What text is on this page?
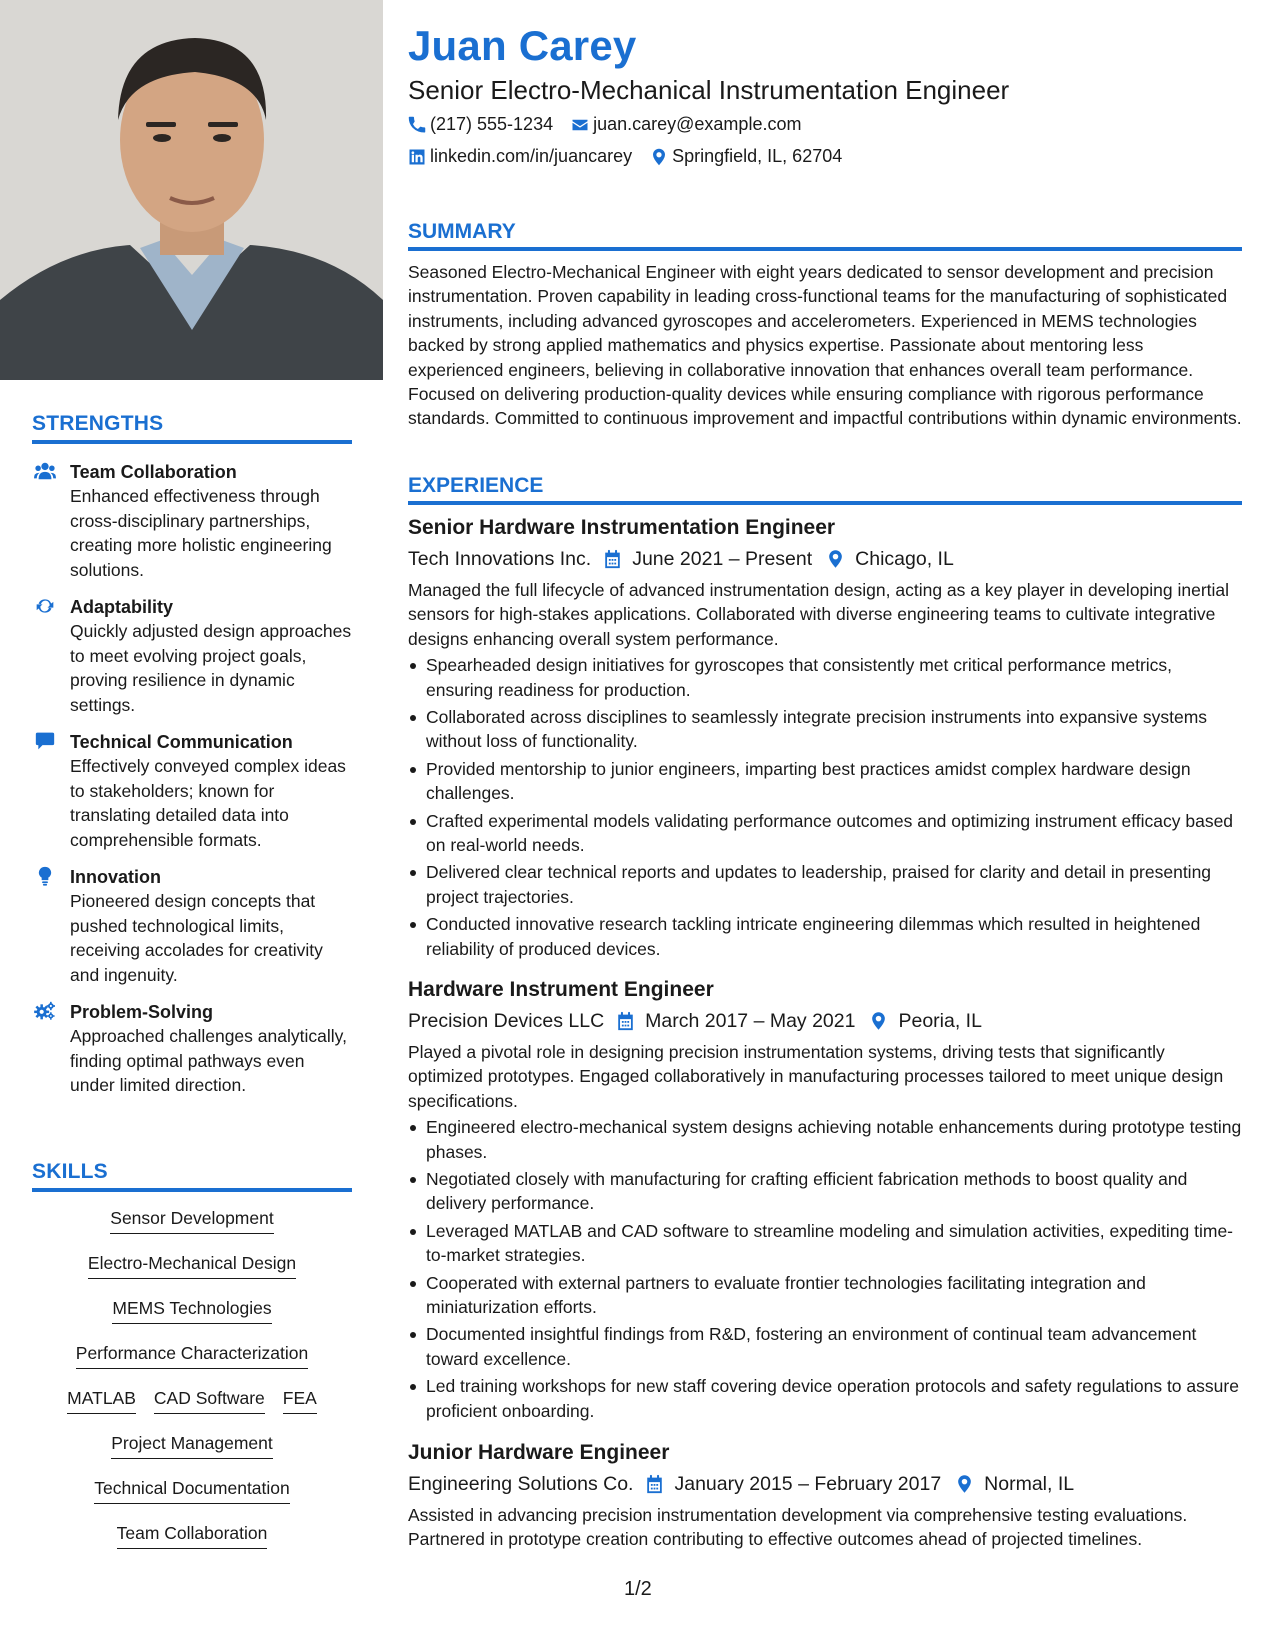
STRENGTHS
Team Collaboration
Enhanced effectiveness through cross-disciplinary partnerships, creating more holistic engineering solutions.
Adaptability
Quickly adjusted design approaches to meet evolving project goals, proving resilience in dynamic settings.
Technical Communication
Effectively conveyed complex ideas to stakeholders; known for translating detailed data into comprehensible formats.
Innovation
Pioneered design concepts that pushed technological limits, receiving accolades for creativity and ingenuity.
Problem-Solving
Approached challenges analytically, finding optimal pathways even under limited direction.
SKILLS
Sensor Development
Electro-Mechanical Design
MEMS Technologies
Performance Characterization
MATLAB CAD Software FEA
Project Management
Technical Documentation
Team Collaboration
Juan Carey
Senior Electro-Mechanical Instrumentation Engineer
(217) 555-1234 juan.carey@example.com
linkedin.com/in/juancarey Springfield, IL, 62704
SUMMARY
Seasoned Electro-Mechanical Engineer with eight years dedicated to sensor development and precision instrumentation. Proven capability in leading cross-functional teams for the manufacturing of sophisticated instruments, including advanced gyroscopes and accelerometers. Experienced in MEMS technologies backed by strong applied mathematics and physics expertise. Passionate about mentoring less experienced engineers, believing in collaborative innovation that enhances overall team performance. Focused on delivering production-quality devices while ensuring compliance with rigorous performance standards. Committed to continuous improvement and impactful contributions within dynamic environments.
EXPERIENCE
Senior Hardware Instrumentation Engineer
Tech Innovations Inc. June 2021 – Present Chicago, IL
Managed the full lifecycle of advanced instrumentation design, acting as a key player in developing inertial sensors for high-stakes applications. Collaborated with diverse engineering teams to cultivate integrative designs enhancing overall system performance.
Spearheaded design initiatives for gyroscopes that consistently met critical performance metrics, ensuring readiness for production.
Collaborated across disciplines to seamlessly integrate precision instruments into expansive systems without loss of functionality.
Provided mentorship to junior engineers, imparting best practices amidst complex hardware design challenges.
Crafted experimental models validating performance outcomes and optimizing instrument efficacy based on real-world needs.
Delivered clear technical reports and updates to leadership, praised for clarity and detail in presenting project trajectories.
Conducted innovative research tackling intricate engineering dilemmas which resulted in heightened reliability of produced devices.
Hardware Instrument Engineer
Precision Devices LLC March 2017 – May 2021 Peoria, IL
Played a pivotal role in designing precision instrumentation systems, driving tests that significantly optimized prototypes. Engaged collaboratively in manufacturing processes tailored to meet unique design specifications.
Engineered electro-mechanical system designs achieving notable enhancements during prototype testing phases.
Negotiated closely with manufacturing for crafting efficient fabrication methods to boost quality and delivery performance.
Leveraged MATLAB and CAD software to streamline modeling and simulation activities, expediting time-to-market strategies.
Cooperated with external partners to evaluate frontier technologies facilitating integration and miniaturization efforts.
Documented insightful findings from R&D, fostering an environment of continual team advancement toward excellence.
Led training workshops for new staff covering device operation protocols and safety regulations to assure proficient onboarding.
Junior Hardware Engineer
Engineering Solutions Co. January 2015 – February 2017 Normal, IL
Assisted in advancing precision instrumentation development via comprehensive testing evaluations. Partnered in prototype creation contributing to effective outcomes ahead of projected timelines.
1/2
